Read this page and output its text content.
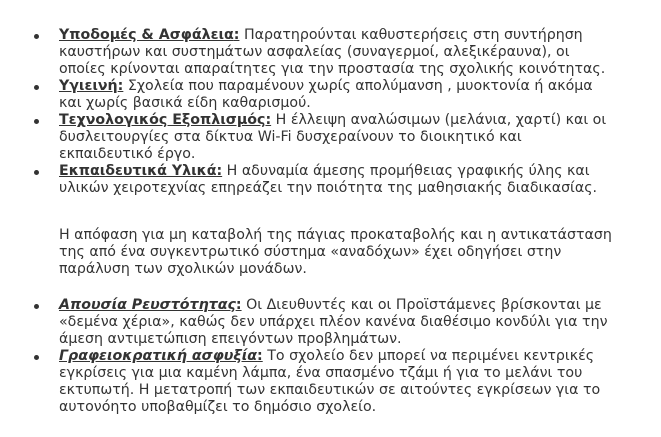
Υποδομές & Ασφάλεια: Παρατηρούνται καθυστερήσεις στη συντήρηση καυστήρων και συστημάτων ασφαλείας (συναγερμοί, αλεξικέραυνα), οι οποίες κρίνονται απαραίτητες για την προστασία της σχολικής κοινότητας.
Υγιεινή: Σχολεία που παραμένουν χωρίς απολύμανση , μυοκτονία ή ακόμα και χωρίς βασικά είδη καθαρισμού.
Τεχνολογικός Εξοπλισμός: Η έλλειψη αναλώσιμων (μελάνια, χαρτί) και οι δυσλειτουργίες στα δίκτυα Wi-Fi δυσχεραίνουν το διοικητικό και εκπαιδευτικό έργο.
Εκπαιδευτικά Υλικά: Η αδυναμία άμεσης προμήθειας γραφικής ύλης και υλικών χειροτεχνίας επηρεάζει την ποιότητα της μαθησιακής διαδικασίας.

Η απόφαση για μη καταβολή της πάγιας προκαταβολής και η αντικατάσταση της από ένα συγκεντρωτικό σύστημα «αναδόχων» έχει οδηγήσει στην παράλυση των σχολικών μονάδων.

Απουσία Ρευστότητας: Οι Διευθυντές και οι Προϊστάμενες βρίσκονται με «δεμένα χέρια», καθώς δεν υπάρχει πλέον κανένα διαθέσιμο κονδύλι για την άμεση αντιμετώπιση επειγόντων προβλημάτων.
Γραφειοκρατική ασφυξία: Το σχολείο δεν μπορεί να περιμένει κεντρικές εγκρίσεις για μια καμένη λάμπα, ένα σπασμένο τζάμι ή για το μελάνι του εκτυπωτή. Η μετατροπή των εκπαιδευτικών σε αιτούντες εγκρίσεων για το αυτονόητο υποβαθμίζει το δημόσιο σχολείο.
